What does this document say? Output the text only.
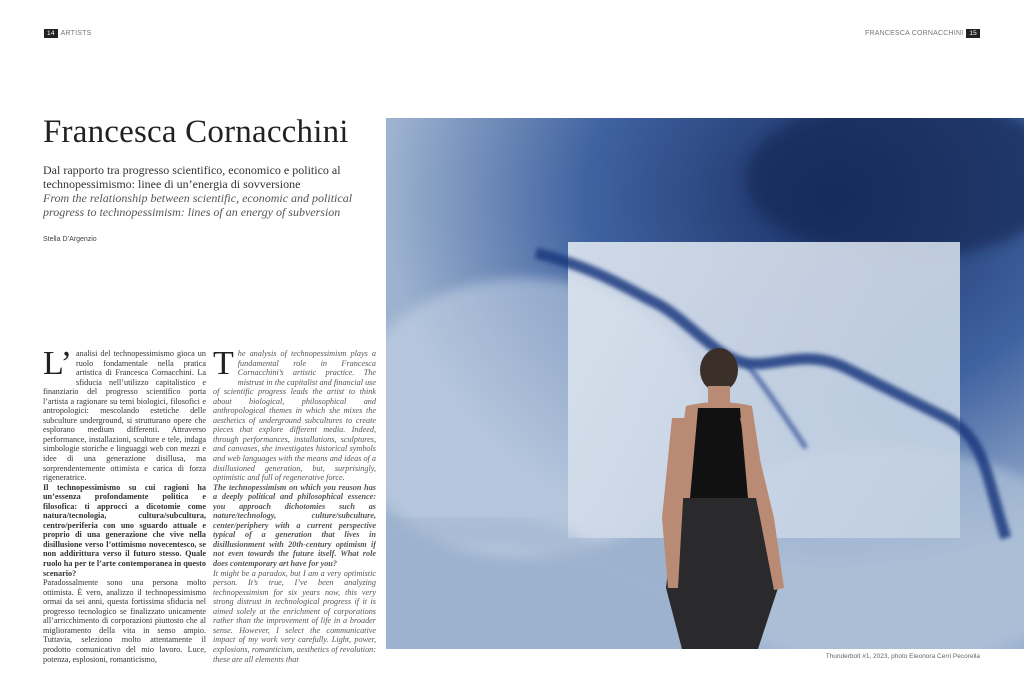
14 ARTISTS	FRANCESCA CORNACCHINI 15
Francesca Cornacchini

Dal rapporto tra progresso scientifico, economico e politico al technopessimismo: linee di un’energia di sovversione

From the relationship between scientific, economic and political progress to technopessimism: lines of an energy of subversion

Stella D’Argenzio

L’ analisi del technopessimismo gioca un ruolo fondamentale nella pratica artistica di Francesca Cornacchini. La sfiducia nell’utilizzo capitalistico e finanziario del progresso scientifico porta l’artista a ragionare su temi biologici, filosofici e antropologici: mescolando estetiche delle subculture underground, si strutturano opere che esplorano medium differenti. Attraverso performance, installazioni, sculture e tele, indaga simbologie storiche e linguaggi web con mezzi e idee di una generazione disillusa, ma sorprendentemente ottimista e carica di forza rigeneratrice.

Il technopessimismo su cui ragioni ha un’essenza profondamente politica e filosofica: ti approcci a dicotomie come natura/tecnologia, cultura/subcultura, centro/periferia con uno sguardo attuale e proprio di una generazione che vive nella disillusione verso l’ottimismo novecentesco, se non addirittura verso il futuro stesso. Quale ruolo ha per te l’arte contemporanea in questo scenario?

Paradossalmente sono una persona molto ottimista. È vero, analizzo il technopessimismo ormai da sei anni, questa fortissima sfiducia nel progresso tecnologico se finalizzato unicamente all’arricchimento di corporazioni piuttosto che al miglioramento della vita in senso ampio. Tuttavia, seleziono molto attentamente il prodotto comunicativo del mio lavoro. Luce, potenza, esplosioni, romanticismo,

The analysis of technopessimism plays a fundamental role in Francesca Cornacchini’s artistic practice. The mistrust in the capitalist and financial use of scientific progress leads the artist to think about biological, philosophical and anthropological themes in which she mixes the aesthetics of underground subcultures to create pieces that explore different media. Indeed, through performances, installations, sculptures, and canvases, she investigates historical symbols and web languages with the means and ideas of a disillusioned generation, but, surprisingly, optimistic and full of regenerative force.

The technopessimism on which you reason has a deeply political and philosophical essence: you approach dichotomies such as nature/technology, culture/subculture, center/periphery with a current perspective typical of a generation that lives in disillusionment with 20th-century optimism if not even towards the future itself. What role does contemporary art have for you?

It might be a paradox, but I am a very optimistic person. It’s true, I’ve been analyzing technopessimism for six years now, this very strong distrust in technological progress if it is aimed solely at the enrichment of corporations rather than the improvement of life in a broader sense. However, I select the communicative impact of my work very carefully. Light, power, explosions, romanticism, aesthetics of revolution: these are all elements that	Thunderbolt #1, 2023, photo Eleonora Cerri Pecorella
